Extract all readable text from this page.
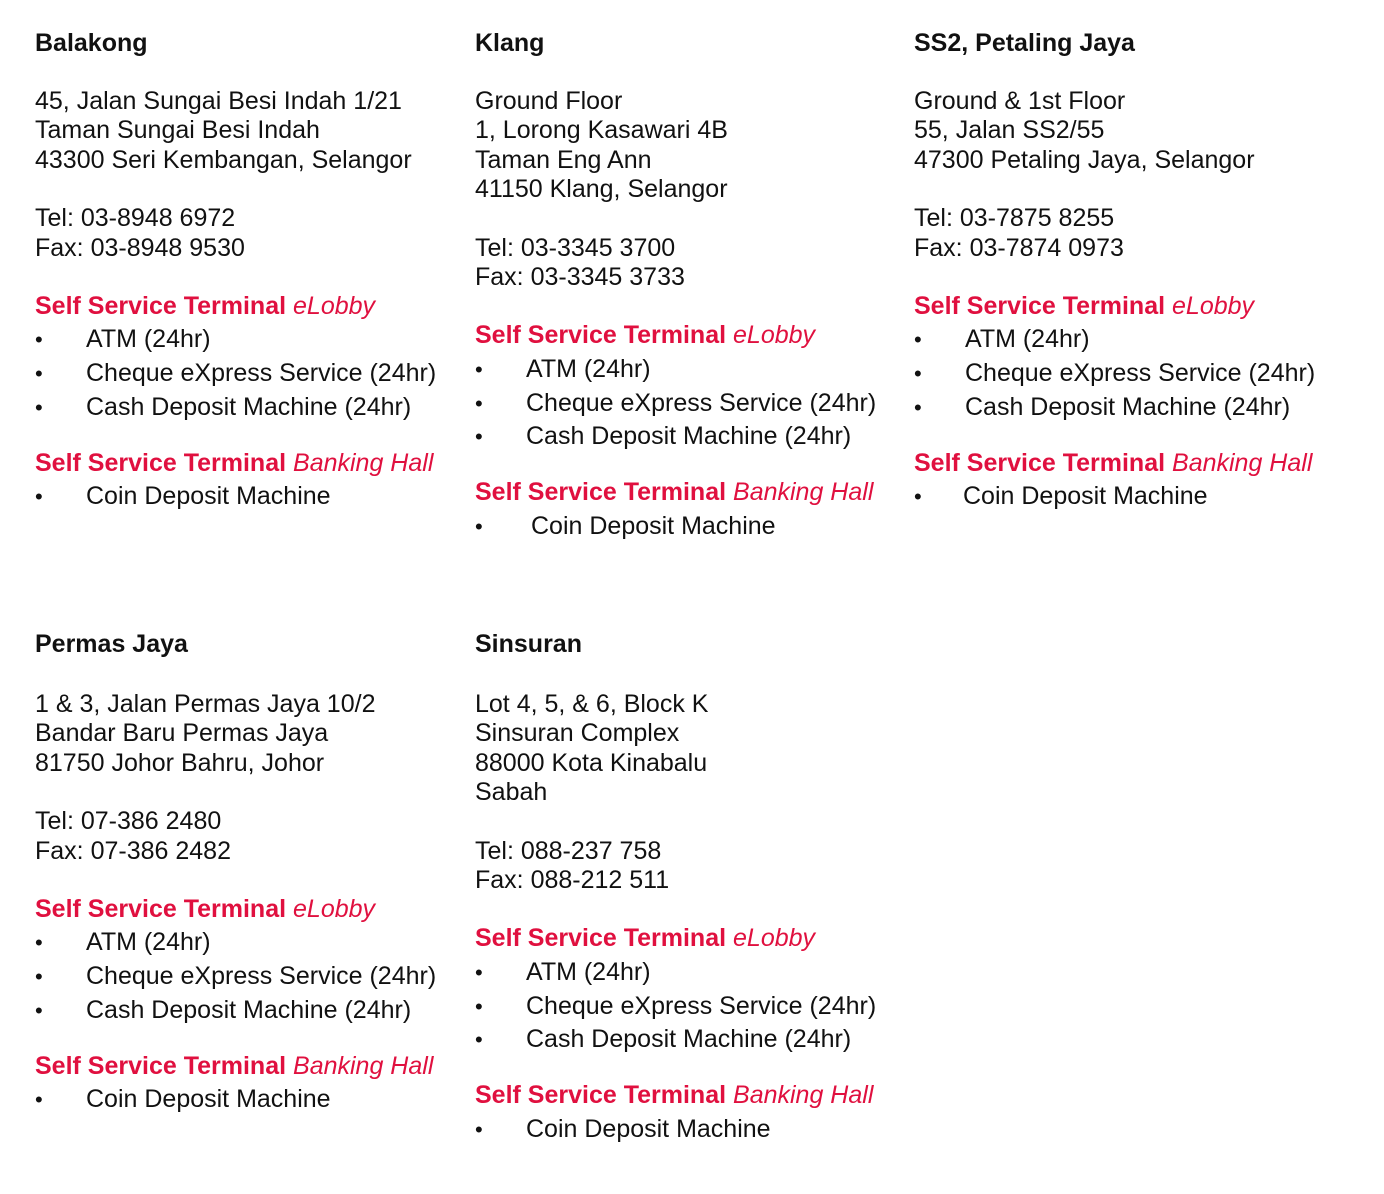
Balakong
45, Jalan Sungai Besi Indah 1/21
Taman Sungai Besi Indah
43300 Seri Kembangan, Selangor
Tel: 03-8948 6972
Fax: 03-8948 9530
Self Service Terminal eLobby
• ATM (24hr)
• Cheque eXpress Service (24hr)
• Cash Deposit Machine (24hr)
Self Service Terminal Banking Hall
• Coin Deposit Machine
Klang
Ground Floor
1, Lorong Kasawari 4B
Taman Eng Ann
41150 Klang, Selangor
Tel: 03-3345 3700
Fax: 03-3345 3733
Self Service Terminal eLobby
• ATM (24hr)
• Cheque eXpress Service (24hr)
• Cash Deposit Machine (24hr)
Self Service Terminal Banking Hall
• Coin Deposit Machine
SS2, Petaling Jaya
Ground & 1st Floor
55, Jalan SS2/55
47300 Petaling Jaya, Selangor
Tel: 03-7875 8255
Fax: 03-7874 0973
Self Service Terminal eLobby
• ATM (24hr)
• Cheque eXpress Service (24hr)
• Cash Deposit Machine (24hr)
Self Service Terminal Banking Hall
• Coin Deposit Machine
Permas Jaya
1 & 3, Jalan Permas Jaya 10/2
Bandar Baru Permas Jaya
81750 Johor Bahru, Johor
Tel: 07-386 2480
Fax: 07-386 2482
Self Service Terminal eLobby
• ATM (24hr)
• Cheque eXpress Service (24hr)
• Cash Deposit Machine (24hr)
Self Service Terminal Banking Hall
• Coin Deposit Machine
Sinsuran
Lot 4, 5, & 6, Block K
Sinsuran Complex
88000 Kota Kinabalu
Sabah
Tel: 088-237 758
Fax: 088-212 511
Self Service Terminal eLobby
• ATM (24hr)
• Cheque eXpress Service (24hr)
• Cash Deposit Machine (24hr)
Self Service Terminal Banking Hall
• Coin Deposit Machine
